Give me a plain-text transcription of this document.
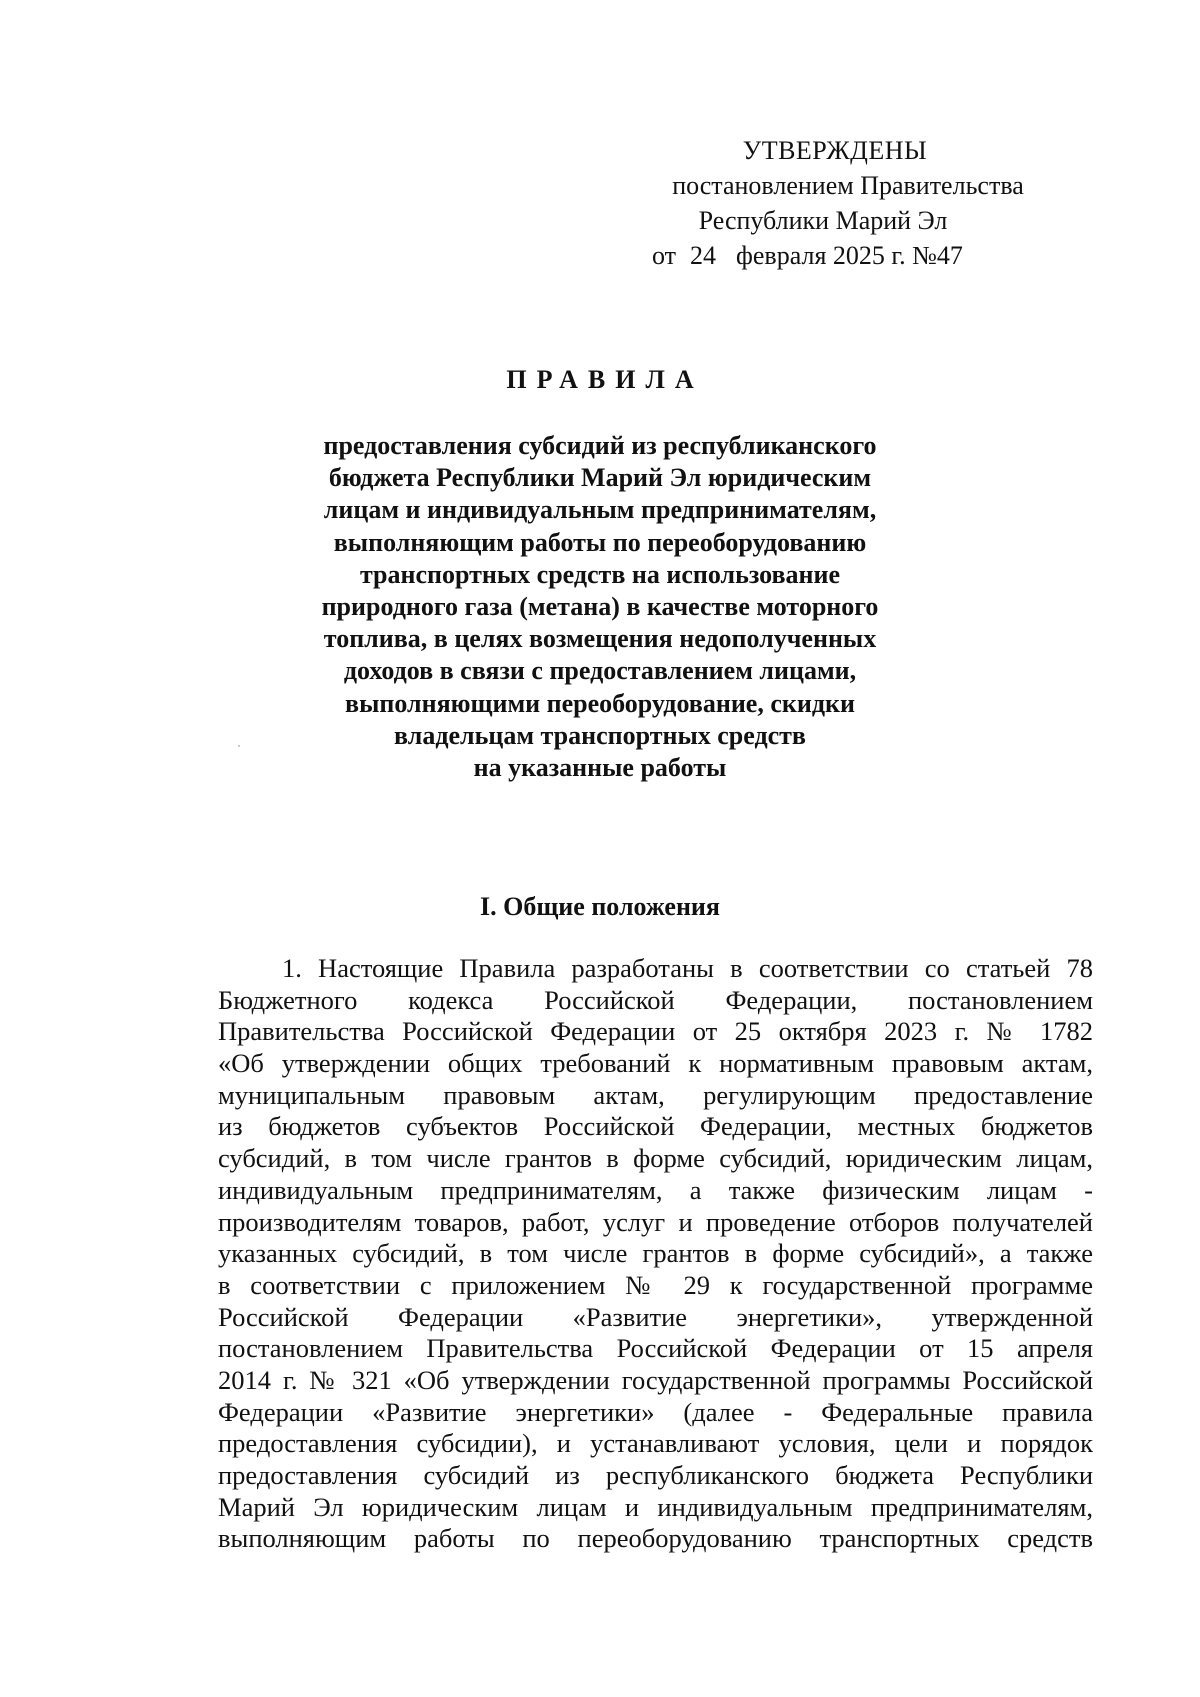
УТВЕРЖДЕНЫ
постановлением Правительства
Республики Марий Эл
от 24 февраля 2025 г. №47
ПРАВИЛА
предоставления субсидий из республиканского
бюджета Республики Марий Эл юридическим
лицам и индивидуальным предпринимателям,
выполняющим работы по переоборудованию
транспортных средств на использование
природного газа (метана) в качестве моторного
топлива, в целях возмещения недополученных
доходов в связи с предоставлением лицами,
выполняющими переоборудование, скидки
владельцам транспортных средств
на указанные работы
I. Общие положения
1. Настоящие Правила разработаны в соответствии со статьей 78
Бюджетного кодекса Российской Федерации, постановлением
Правительства Российской Федерации от 25 октября 2023 г. № 1782
«Об утверждении общих требований к нормативным правовым актам,
муниципальным правовым актам, регулирующим предоставление
из бюджетов субъектов Российской Федерации, местных бюджетов
субсидий, в том числе грантов в форме субсидий, юридическим лицам,
индивидуальным предпринимателям, а также физическим лицам -
производителям товаров, работ, услуг и проведение отборов получателей
указанных субсидий, в том числе грантов в форме субсидий», а также
в соответствии с приложением № 29 к государственной программе
Российской Федерации «Развитие энергетики», утвержденной
постановлением Правительства Российской Федерации от 15 апреля
2014 г. № 321 «Об утверждении государственной программы Российской
Федерации «Развитие энергетики» (далее - Федеральные правила
предоставления субсидии), и устанавливают условия, цели и порядок
предоставления субсидий из республиканского бюджета Республики
Марий Эл юридическим лицам и индивидуальным предпринимателям,
выполняющим работы по переоборудованию транспортных средств
